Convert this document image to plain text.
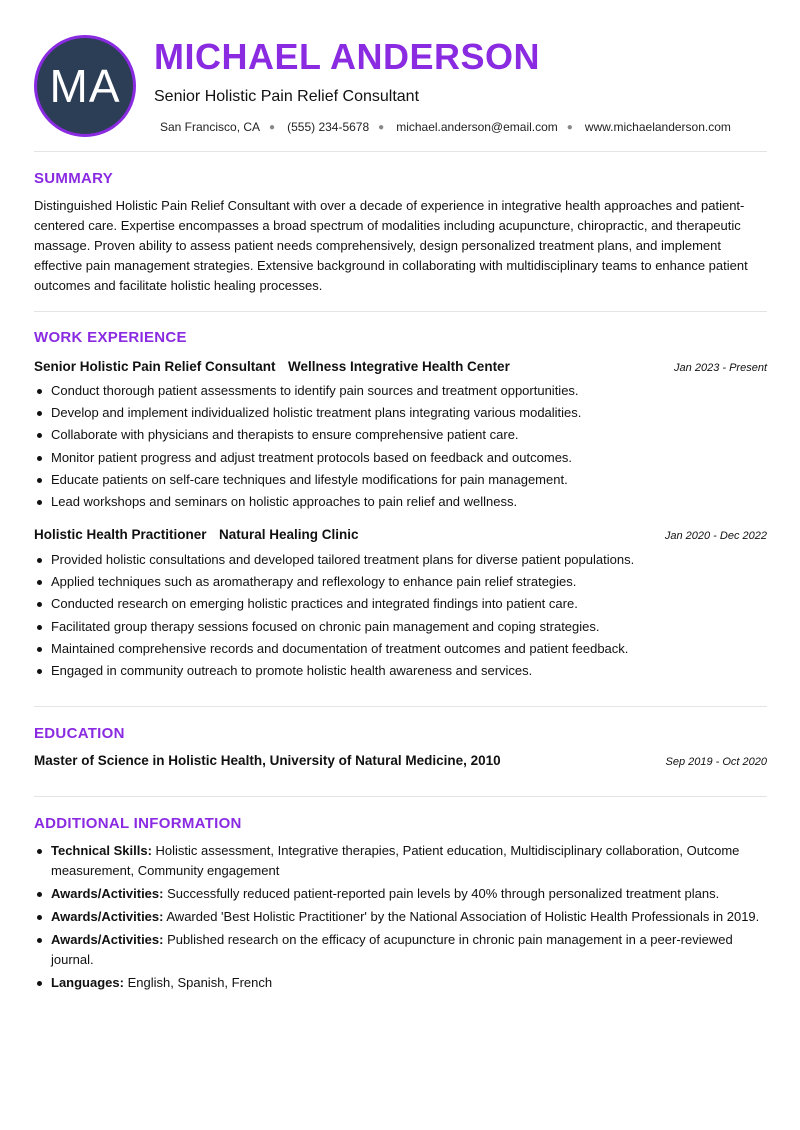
MA
MICHAEL ANDERSON
Senior Holistic Pain Relief Consultant
San Francisco, CA ● (555) 234-5678 ● michael.anderson@email.com ● www.michaelanderson.com
SUMMARY
Distinguished Holistic Pain Relief Consultant with over a decade of experience in integrative health approaches and patient-centered care. Expertise encompasses a broad spectrum of modalities including acupuncture, chiropractic, and therapeutic massage. Proven ability to assess patient needs comprehensively, design personalized treatment plans, and implement effective pain management strategies. Extensive background in collaborating with multidisciplinary teams to enhance patient outcomes and facilitate holistic healing processes.
WORK EXPERIENCE
Senior Holistic Pain Relief Consultant Wellness Integrative Health Center	Jan 2023 - Present
Conduct thorough patient assessments to identify pain sources and treatment opportunities.
Develop and implement individualized holistic treatment plans integrating various modalities.
Collaborate with physicians and therapists to ensure comprehensive patient care.
Monitor patient progress and adjust treatment protocols based on feedback and outcomes.
Educate patients on self-care techniques and lifestyle modifications for pain management.
Lead workshops and seminars on holistic approaches to pain relief and wellness.
Holistic Health Practitioner Natural Healing Clinic	Jan 2020 - Dec 2022
Provided holistic consultations and developed tailored treatment plans for diverse patient populations.
Applied techniques such as aromatherapy and reflexology to enhance pain relief strategies.
Conducted research on emerging holistic practices and integrated findings into patient care.
Facilitated group therapy sessions focused on chronic pain management and coping strategies.
Maintained comprehensive records and documentation of treatment outcomes and patient feedback.
Engaged in community outreach to promote holistic health awareness and services.
EDUCATION
Master of Science in Holistic Health, University of Natural Medicine, 2010	Sep 2019 - Oct 2020
ADDITIONAL INFORMATION
Technical Skills: Holistic assessment, Integrative therapies, Patient education, Multidisciplinary collaboration, Outcome measurement, Community engagement
Awards/Activities: Successfully reduced patient-reported pain levels by 40% through personalized treatment plans.
Awards/Activities: Awarded 'Best Holistic Practitioner' by the National Association of Holistic Health Professionals in 2019.
Awards/Activities: Published research on the efficacy of acupuncture in chronic pain management in a peer-reviewed journal.
Languages: English, Spanish, French
